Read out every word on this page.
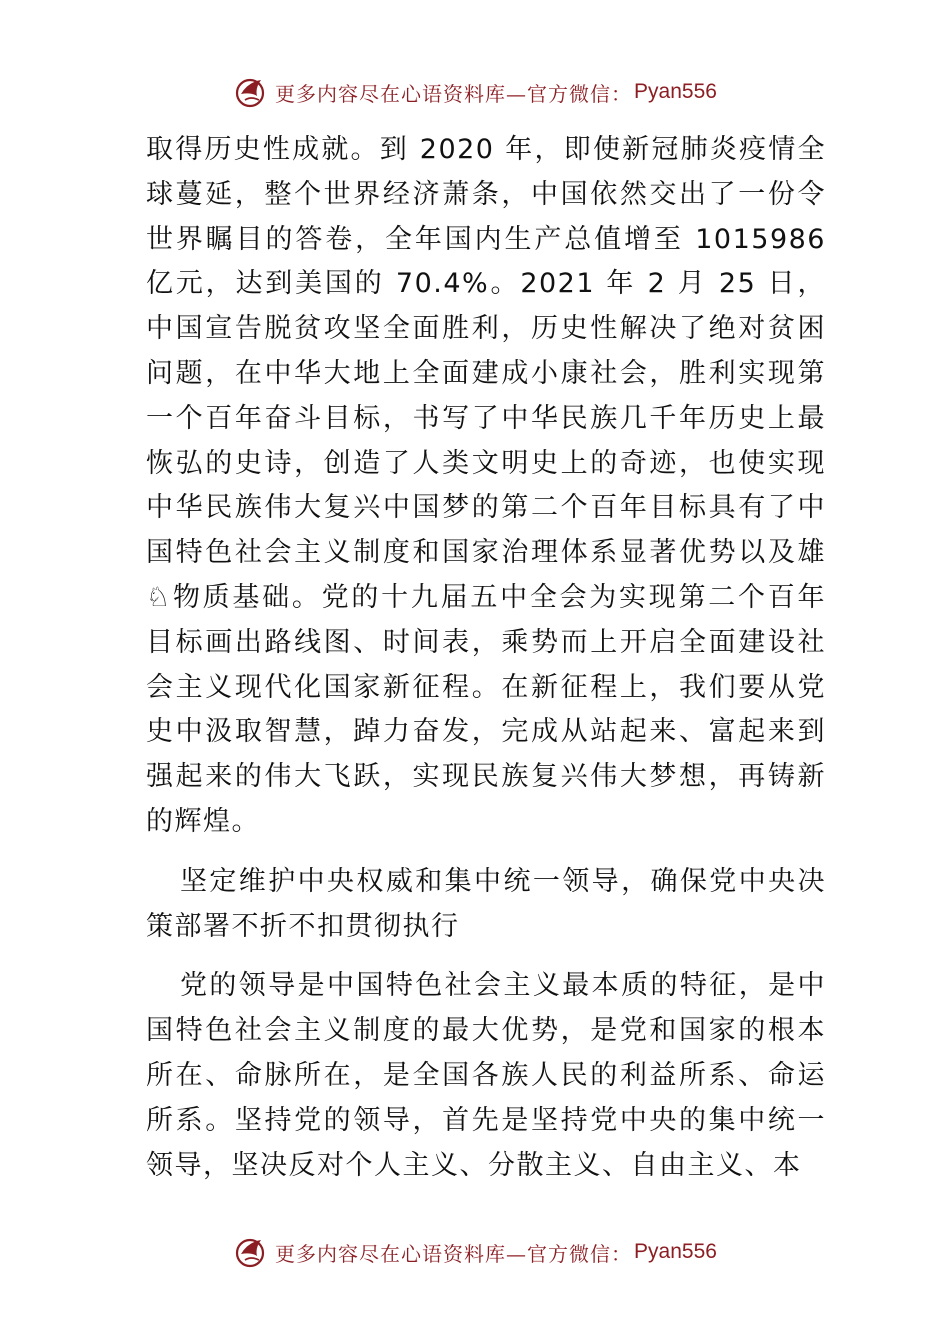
更多内容尽在心语资料库—官方微信： Pyan556

取得历史性成就。到 2020 年，即使新冠肺炎疫情全球蔓延，整个世界经济萧条，中国依然交出了一份令世界瞩目的答卷，全年国内生产总值增至 1015986 亿元，达到美国的 70.4%。2021 年 2 月 25 日，中国宣告脱贫攻坚全面胜利，历史性解决了绝对贫困问题，在中华大地上全面建成小康社会，胜利实现第一个百年奋斗目标，书写了中华民族几千年历史上最恢弘的史诗，创造了人类文明史上的奇迹，也使实现中华民族伟大复兴中国梦的第二个百年目标具有了中国特色社会主义制度和国家治理体系显著优势以及雄♘物质基础。党的十九届五中全会为实现第二个百年目标画出路线图、时间表，乘势而上开启全面建设社会主义现代化国家新征程。在新征程上，我们要从党史中汲取智慧，踔力奋发，完成从站起来、富起来到强起来的伟大飞跃，实现民族复兴伟大梦想，再铸新的辉煌。

坚定维护中央权威和集中统一领导，确保党中央决策部署不折不扣贯彻执行

党的领导是中国特色社会主义最本质的特征，是中国特色社会主义制度的最大优势，是党和国家的根本所在、命脉所在，是全国各族人民的利益所系、命运所系。坚持党的领导，首先是坚持党中央的集中统一领导，坚决反对个人主义、分散主义、自由主义、本

更多内容尽在心语资料库—官方微信： Pyan556
